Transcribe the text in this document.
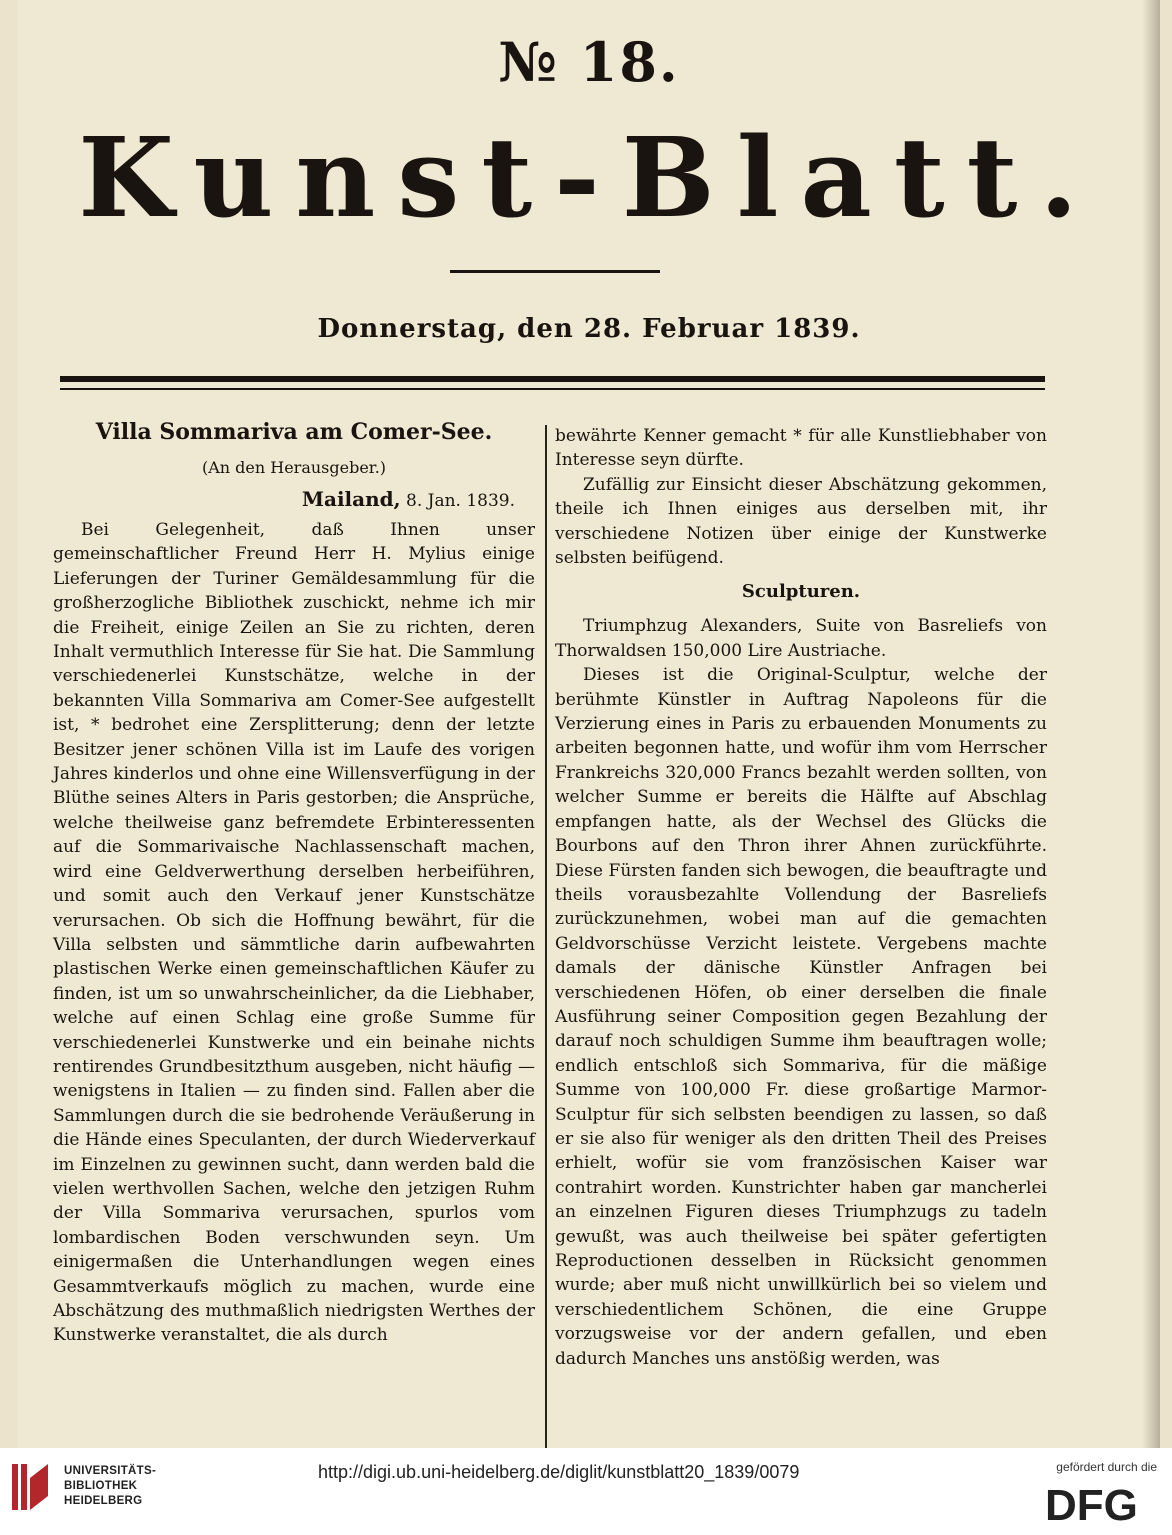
№ 18.
Kunst-Blatt.
Donnerstag, den 28. Februar 1839.
Villa Sommariva am Comer-See.
(An den Herausgeber.)
Mailand, 8. Jan. 1839.

Bei Gelegenheit, daß Ihnen unser gemeinschaftlicher Freund Herr H. Mylius einige Lieferungen der Turiner Gemäldesammlung für die großherzogliche Bibliothek zuschickt, nehme ich mir die Freiheit, einige Zeilen an Sie zu richten, deren Inhalt vermuthlich Interesse für Sie hat. Die Sammlung verschiedenerlei Kunstschätze, welche in der bekannten Villa Sommariva am Comer-See aufgestellt ist, * bedrohet eine Zersplitterung; denn der letzte Besitzer jener schönen Villa ist im Laufe des vorigen Jahres kinderlos und ohne eine Willensverfügung in der Blüthe seines Alters in Paris gestorben; die Ansprüche, welche theilweise ganz befremdete Erbinteressenten auf die Sommarivaische Nachlassenschaft machen, wird eine Geldverwerthung derselben herbeiführen, und somit auch den Verkauf jener Kunstschätze verursachen. Ob sich die Hoffnung bewährt, für die Villa selbsten und sämmtliche darin aufbewahrten plastischen Werke einen gemeinschaftlichen Käufer zu finden, ist um so unwahrscheinlicher, da die Liebhaber, welche auf einen Schlag eine große Summe für verschiedenerlei Kunstwerke und ein beinahe nichts rentirendes Grundbesitzthum ausgeben, nicht häufig — wenigstens in Italien — zu finden sind. Fallen aber die Sammlungen durch die sie bedrohende Veräußerung in die Hände eines Speculanten, der durch Wiederverkauf im Einzelnen zu gewinnen sucht, dann werden bald die vielen werthvollen Sachen, welche den jetzigen Ruhm der Villa Sommariva verursachen, spurlos vom lombardischen Boden verschwunden seyn. Um einigermaßen die Unterhandlungen wegen eines Gesammtverkaufs möglich zu machen, wurde eine Abschätzung des muthmaßlich niedrigsten Werthes der Kunstwerke veranstaltet, die als durch

bewährte Kenner gemacht * für alle Kunstliebhaber von Interesse seyn dürfte.

Zufällig zur Einsicht dieser Abschätzung gekommen, theile ich Ihnen einiges aus derselben mit, ihr verschiedene Notizen über einige der Kunstwerke selbsten beifügend.

Sculpturen.

Triumphzug Alexanders, Suite von Basreliefs von Thorwaldsen 150,000 Lire Austriache.

Dieses ist die Original-Sculptur, welche der berühmte Künstler in Auftrag Napoleons für die Verzierung eines in Paris zu erbauenden Monuments zu arbeiten begonnen hatte, und wofür ihm vom Herrscher Frankreichs 320,000 Francs bezahlt werden sollten, von welcher Summe er bereits die Hälfte auf Abschlag empfangen hatte, als der Wechsel des Glücks die Bourbons auf den Thron ihrer Ahnen zurückführte. Diese Fürsten fanden sich bewogen, die beauftragte und theils vorausbezahlte Vollendung der Basreliefs zurückzunehmen, wobei man auf die gemachten Geldvorschüsse Verzicht leistete. Vergebens machte damals der dänische Künstler Anfragen bei verschiedenen Höfen, ob einer derselben die finale Ausführung seiner Composition gegen Bezahlung der darauf noch schuldigen Summe ihm beauftragen wolle; endlich entschloß sich Sommariva, für die mäßige Summe von 100,000 Fr. diese großartige Marmor-Sculptur für sich selbsten beendigen zu lassen, so daß er sie also für weniger als den dritten Theil des Preises erhielt, wofür sie vom französischen Kaiser war contrahirt worden. Kunstrichter haben gar mancherlei an einzelnen Figuren dieses Triumphzugs zu tadeln gewußt, was auch theilweise bei später gefertigten Reproductionen desselben in Rücksicht genommen wurde; aber muß nicht unwillkürlich bei so vielem und verschiedentlichem Schönen, die eine Gruppe vorzugsweise vor der andern gefallen, und eben dadurch Manches uns anstößig werden, was

UNIVERSITÄTS-
BIBLIOTHEK
HEIDELBERG
http://digi.ub.uni-heidelberg.de/diglit/kunstblatt20_1839/0079	gefördert durch die
DFG
